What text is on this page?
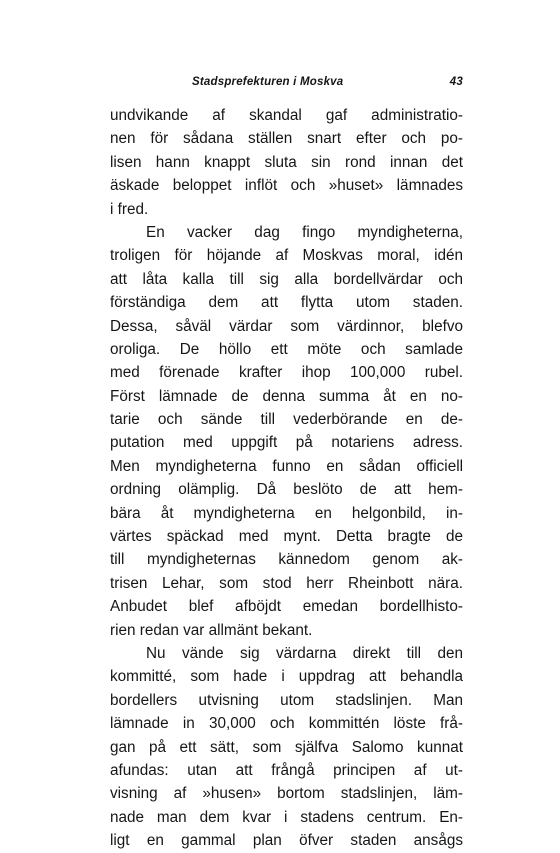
Stadsprefekturen i Moskva	43
undvikande af skandal gaf administratio-
nen för sådana ställen snart efter och po-
lisen hann knappt sluta sin rond innan det
äskade beloppet inflöt och »huset» lämnades
i fred.
En vacker dag fingo myndigheterna,
troligen för höjande af Moskvas moral, idén
att låta kalla till sig alla bordellvärdar och
förständiga dem att flytta utom staden.
Dessa, såväl värdar som värdinnor, blefvo
oroliga. De höllo ett möte och samlade
med förenade krafter ihop 100,000 rubel.
Först lämnade de denna summa åt en no-
tarie och sände till vederbörande en de-
putation med uppgift på notariens adress.
Men myndigheterna funno en sådan officiell
ordning olämplig. Då beslöto de att hem-
bära åt myndigheterna en helgonbild, in-
värtes späckad med mynt. Detta bragte de
till myndigheternas kännedom genom ak-
trisen Lehar, som stod herr Rheinbott nära.
Anbudet blef afböjdt emedan bordellhisto-
rien redan var allmänt bekant.
Nu vände sig värdarna direkt till den
kommitté, som hade i uppdrag att behandla
bordellers utvisning utom stadslinjen. Man
lämnade in 30,000 och kommittén löste frå-
gan på ett sätt, som själfva Salomo kunnat
afundas: utan att frångå principen af ut-
visning af »husen» bortom stadslinjen, läm-
nade man dem kvar i stadens centrum. En-
ligt en gammal plan öfver staden ansågs
